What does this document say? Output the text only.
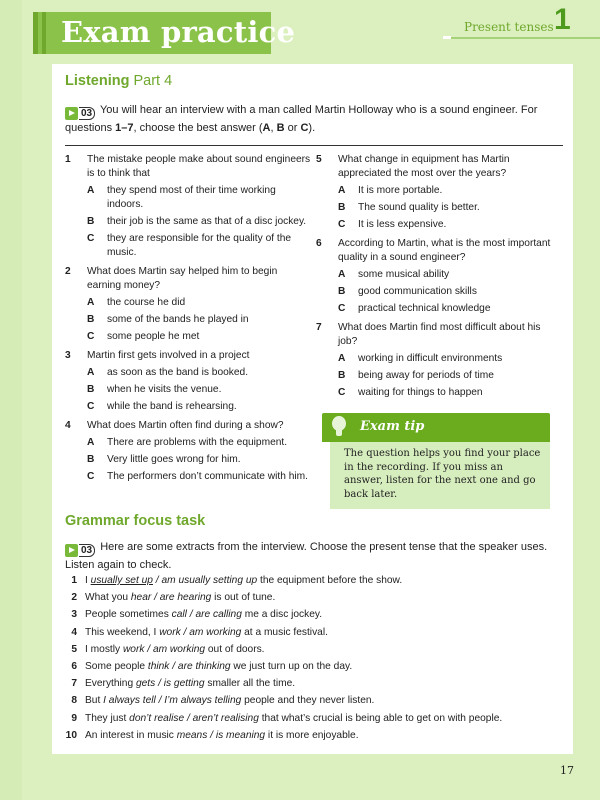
Exam practice	Present tenses 1
Listening Part 4
03 You will hear an interview with a man called Martin Holloway who is a sound engineer. For questions 1–7, choose the best answer (A, B or C).
1 The mistake people make about sound engineers is to think that
A they spend most of their time working indoors.
B their job is the same as that of a disc jockey.
C they are responsible for the quality of the music.
2 What does Martin say helped him to begin earning money?
A the course he did
B some of the bands he played in
C some people he met
3 Martin first gets involved in a project
A as soon as the band is booked.
B when he visits the venue.
C while the band is rehearsing.
4 What does Martin often find during a show?
A There are problems with the equipment.
B Very little goes wrong for him.
C The performers don’t communicate with him.
5 What change in equipment has Martin appreciated the most over the years?
A It is more portable.
B The sound quality is better.
C It is less expensive.
6 According to Martin, what is the most important quality in a sound engineer?
A some musical ability
B good communication skills
C practical technical knowledge
7 What does Martin find most difficult about his job?
A working in difficult environments
B being away for periods of time
C waiting for things to happen
Grammar focus task
03 Here are some extracts from the interview. Choose the present tense that the speaker uses. Listen again to check.
1 I usually set up / am usually setting up the equipment before the show.
2 What you hear / are hearing is out of tune.
3 People sometimes call / are calling me a disc jockey.
4 This weekend, I work / am working at a music festival.
5 I mostly work / am working out of doors.
6 Some people think / are thinking we just turn up on the day.
7 Everything gets / is getting smaller all the time.
8 But I always tell / I’m always telling people and they never listen.
9 They just don’t realise / aren’t realising that what’s crucial is being able to get on with people.
10 An interest in music means / is meaning it is more enjoyable.
Exam tip
The question helps you find your place in the recording. If you miss an answer, listen for the next one and go back later.
17
